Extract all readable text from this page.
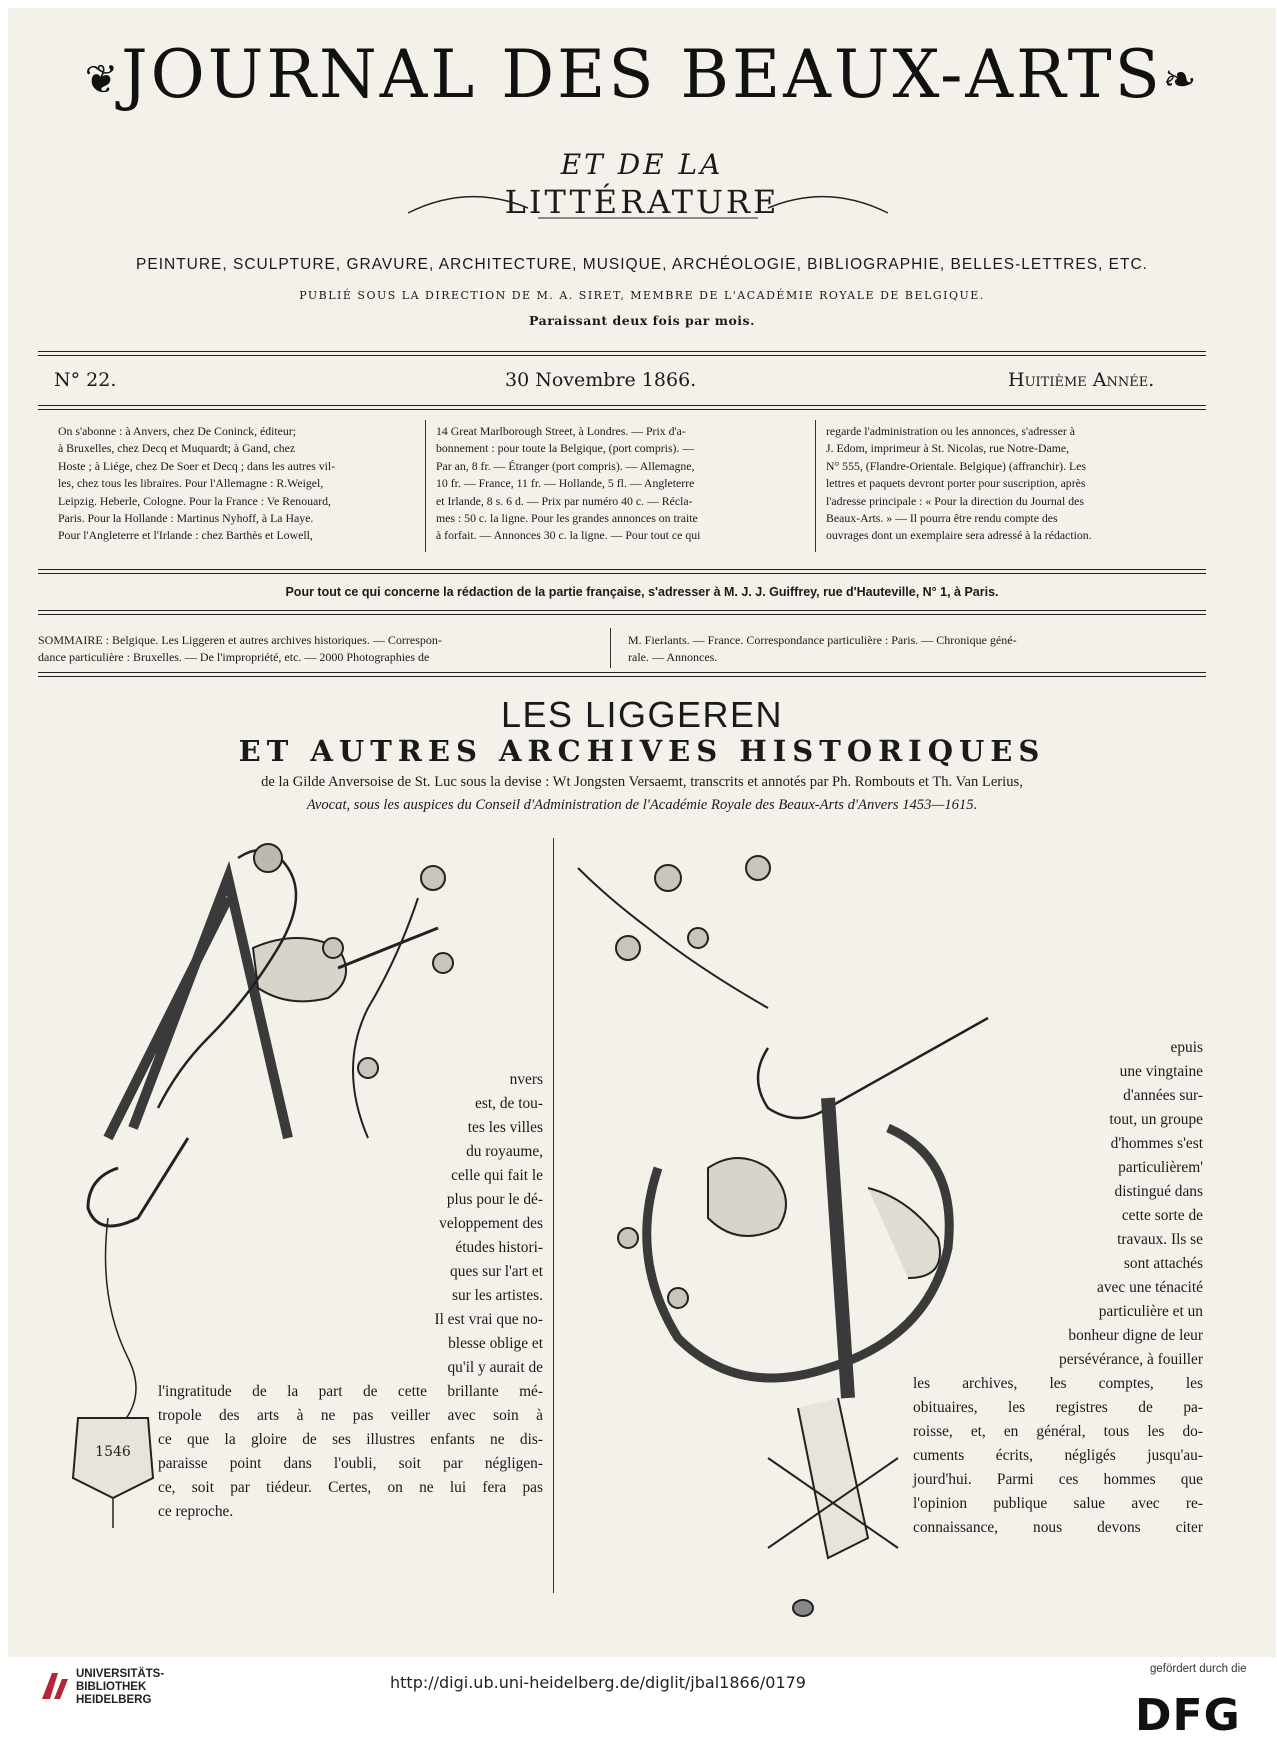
❦JOURNAL DES BEAUX-ARTS❧
ET DE LA
LITTÉRATURE
PEINTURE, SCULPTURE, GRAVURE, ARCHITECTURE, MUSIQUE, ARCHÉOLOGIE, BIBLIOGRAPHIE, BELLES-LETTRES, ETC.
PUBLIÉ SOUS LA DIRECTION DE M. A. SIRET, MEMBRE DE L'ACADÉMIE ROYALE DE BELGIQUE.
Paraissant deux fois par mois.
N° 22.	30 Novembre 1866.	Huitième Année.
On s'abonne : à Anvers, chez De Coninck, éditeur;
à Bruxelles, chez Decq et Muquardt; à Gand, chez
Hoste ; à Liége, chez De Soer et Decq ; dans les autres vil-
les, chez tous les libraires. Pour l'Allemagne : R.Weigel,
Leipzig. Heberle, Cologne. Pour la France : Ve Renouard,
Paris. Pour la Hollande : Martinus Nyhoff, à La Haye.
Pour l'Angleterre et l'Irlande : chez Barthès et Lowell,
14 Great Marlborough Street, à Londres. — Prix d'a-
bonnement : pour toute la Belgique, (port compris). —
Par an, 8 fr. — Étranger (port compris). — Allemagne,
10 fr. — France, 11 fr. — Hollande, 5 fl. — Angleterre
et Irlande, 8 s. 6 d. — Prix par numéro 40 c. — Récla-
mes : 50 c. la ligne. Pour les grandes annonces on traite
à forfait. — Annonces 30 c. la ligne. — Pour tout ce qui
regarde l'administration ou les annonces, s'adresser à
J. Edom, imprimeur à St. Nicolas, rue Notre-Dame,
N° 555, (Flandre-Orientale. Belgique) (affranchir). Les
lettres et paquets devront porter pour suscription, après
l'adresse principale : « Pour la direction du Journal des
Beaux-Arts. » — Il pourra être rendu compte des
ouvrages dont un exemplaire sera adressé à la rédaction.
Pour tout ce qui concerne la rédaction de la partie française, s'adresser à M. J. J. Guiffrey, rue d'Hauteville, N° 1, à Paris.
SOMMAIRE : Belgique. Les Liggeren et autres archives historiques. — Correspon-
dance particulière : Bruxelles. — De l'impropriété, etc. — 2000 Photographies de
M. Fierlants. — France. Correspondance particulière : Paris. — Chronique géné-
rale. — Annonces.
LES LIGGEREN
ET AUTRES ARCHIVES HISTORIQUES
de la Gilde Anversoise de St. Luc sous la devise : Wt Jongsten Versaemt, transcrits et annotés par Ph. Rombouts et Th. Van Lerius,
Avocat, sous les auspices du Conseil d'Administration de l'Académie Royale des Beaux-Arts d'Anvers 1453—1615.
1546
nvers
est, de tou-
tes les villes
du royaume,
celle qui fait le
plus pour le dé-
veloppement des
études histori-
ques sur l'art et
sur les artistes.
Il est vrai que no-
blesse oblige et
qu'il y aurait de
l'ingratitude de la part de cette brillante mé-
tropole des arts à ne pas veiller avec soin à
ce que la gloire de ses illustres enfants ne dis-
paraisse point dans l'oubli, soit par négligen-
ce, soit par tiédeur. Certes, on ne lui fera pas
ce reproche.
epuis
une vingtaine
d'années sur-
tout, un groupe
d'hommes s'est
particulièrem'
distingué dans
cette sorte de
travaux. Ils se
sont attachés
avec une ténacité
particulière et un
bonheur digne de leur
persévérance, à fouiller
les archives, les comptes, les
obituaires, les registres de pa-
roisse, et, en général, tous les do-
cuments écrits, négligés jusqu'au-
jourd'hui. Parmi ces hommes que
l'opinion publique salue avec re-
connaissance, nous devons citer
UNIVERSITÄTS-
BIBLIOTHEK
HEIDELBERG
http://digi.ub.uni-heidelberg.de/diglit/jbal1866/0179
gefördert durch die
DFG
